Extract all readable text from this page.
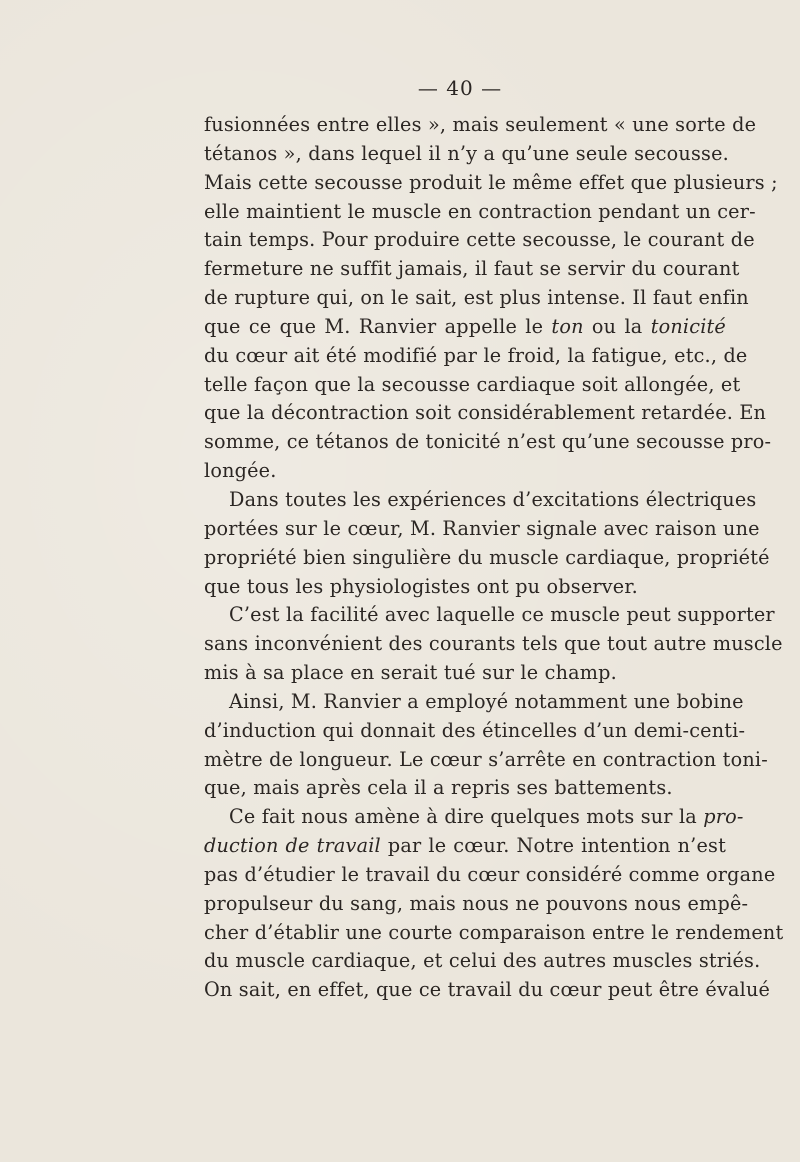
— 40 —
fusionnées entre elles », mais seulement « une sorte de
tétanos », dans lequel il n’y a qu’une seule secousse.
Mais cette secousse produit le même effet que plusieurs ;
elle maintient le muscle en contraction pendant un cer-
tain temps. Pour produire cette secousse, le courant de
fermeture ne suffit jamais, il faut se servir du courant
de rupture qui, on le sait, est plus intense. Il faut enfin
que ce que M. Ranvier appelle le ton ou la tonicité
du cœur ait été modifié par le froid, la fatigue, etc., de
telle façon que la secousse cardiaque soit allongée, et
que la décontraction soit considérablement retardée. En
somme, ce tétanos de tonicité n’est qu’une secousse pro-
longée.
Dans toutes les expériences d’excitations électriques
portées sur le cœur, M. Ranvier signale avec raison une
propriété bien singulière du muscle cardiaque, propriété
que tous les physiologistes ont pu observer.
C’est la facilité avec laquelle ce muscle peut supporter
sans inconvénient des courants tels que tout autre muscle
mis à sa place en serait tué sur le champ.
Ainsi, M. Ranvier a employé notamment une bobine
d’induction qui donnait des étincelles d’un demi-centi-
mètre de longueur. Le cœur s’arrête en contraction toni-
que, mais après cela il a repris ses battements.
Ce fait nous amène à dire quelques mots sur la pro-
duction de travail par le cœur. Notre intention n’est
pas d’étudier le travail du cœur considéré comme organe
propulseur du sang, mais nous ne pouvons nous empê-
cher d’établir une courte comparaison entre le rendement
du muscle cardiaque, et celui des autres muscles striés.
On sait, en effet, que ce travail du cœur peut être évalué
